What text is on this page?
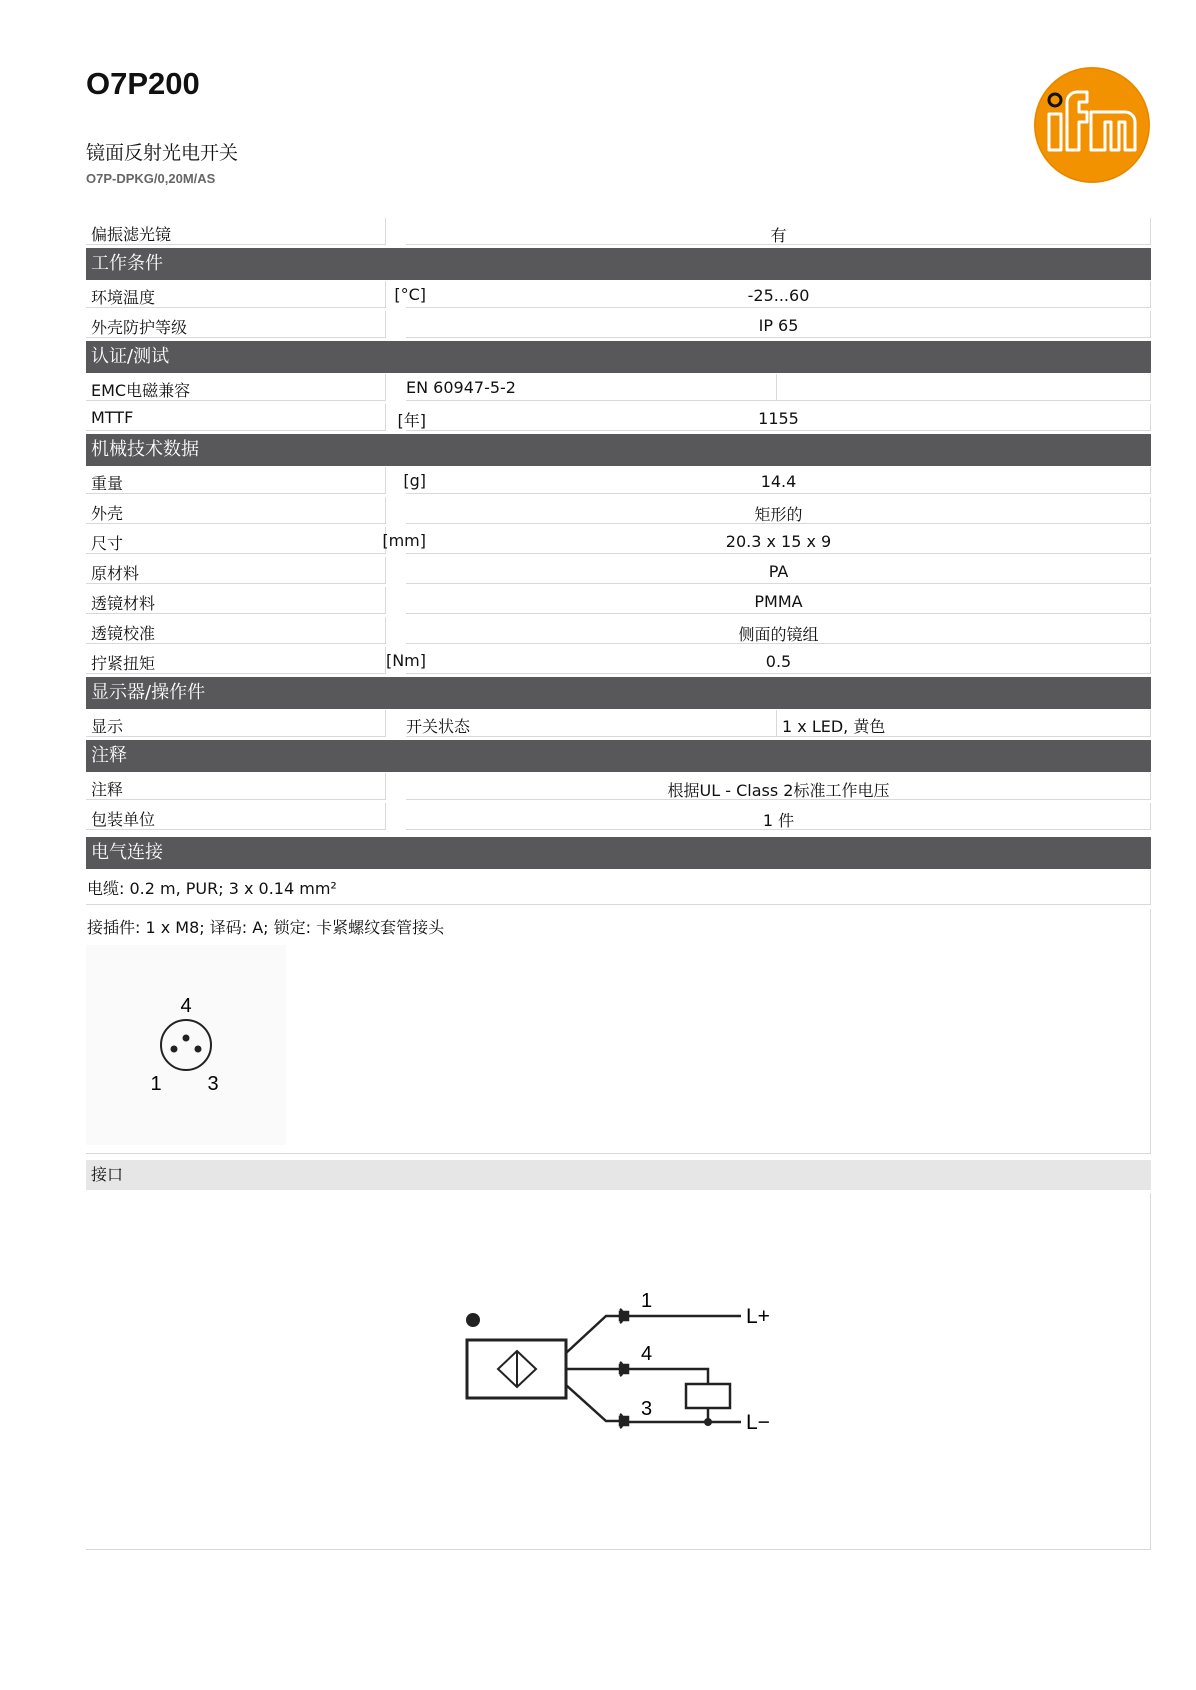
O7P200
镜面反射光电开关
O7P-DPKG/0,20M/AS
偏振滤光镜	有
工作条件
环境温度	[°C]	-25...60
外壳防护等级	IP 65
认证/测试
EMC电磁兼容	EN 60947-5-2
MTTF	[年]	1155
机械技术数据
重量	[g]	14.4
外壳	矩形的
尺寸	[mm]	20.3 x 15 x 9
原材料	PA
透镜材料	PMMA
透镜校准	侧面的镜组
拧紧扭矩	[Nm]	0.5
显示器/操作件
显示	开关状态	1 x LED, 黄色
注释
注释	根据UL - Class 2标准工作电压
包装单位	1 件
电气连接
电缆: 0.2 m, PUR; 3 x 0.14 mm²
接插件: 1 x M8; 译码: A; 锁定: 卡紧螺纹套管接头
4
1 3
接口
1
4
3
L+
L−
